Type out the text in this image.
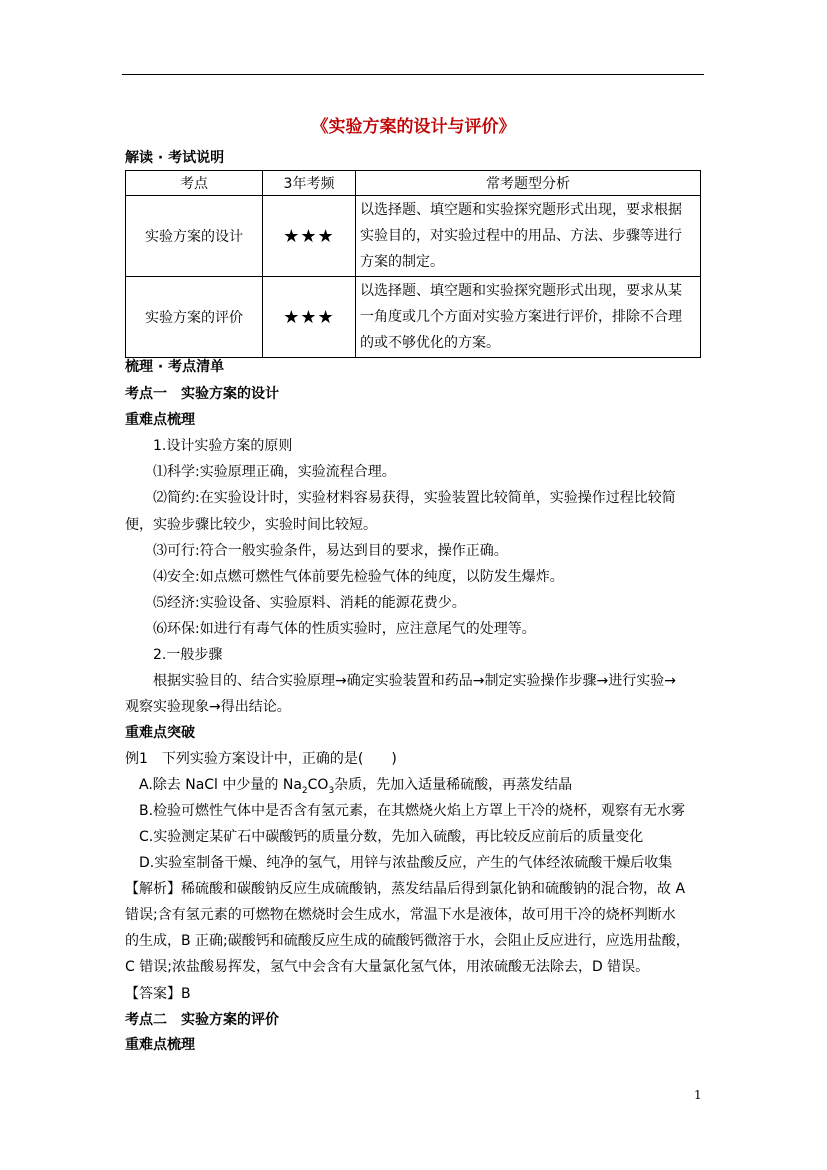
《实验方案的设计与评价》
解读 · 考试说明
考点	3年考频	常考题型分析
实验方案的设计	★★★	以选择题、填空题和实验探究题形式出现，要求根据
实验目的，对实验过程中的用品、方法、步骤等进行
方案的制定。

实验方案的评价	★★★	以选择题、填空题和实验探究题形式出现，要求从某
一角度或几个方面对实验方案进行评价，排除不合理
的或不够优化的方案。
梳理 · 考点清单
考点一　实验方案的设计
重难点梳理
1.设计实验方案的原则
⑴科学:实验原理正确，实验流程合理。
⑵简约:在实验设计时，实验材料容易获得，实验装置比较简单，实验操作过程比较简
便，实验步骤比较少，实验时间比较短。
⑶可行:符合一般实验条件，易达到目的要求，操作正确。
⑷安全:如点燃可燃性气体前要先检验气体的纯度，以防发生爆炸。
⑸经济:实验设备、实验原料、消耗的能源花费少。
⑹环保:如进行有毒气体的性质实验时，应注意尾气的处理等。
2.一般步骤
根据实验目的、结合实验原理→确定实验装置和药品→制定实验操作步骤→进行实验→
观察实验现象→得出结论。
重难点突破
例1　下列实验方案设计中，正确的是(　　)
A.除去 NaCl 中少量的 $Na_2CO_3$杂质，先加入适量稀硫酸，再蒸发结晶
B.检验可燃性气体中是否含有氢元素，在其燃烧火焰上方罩上干冷的烧杯，观察有无水雾
C.实验测定某矿石中碳酸钙的质量分数，先加入硫酸，再比较反应前后的质量变化
D.实验室制备干燥、纯净的氢气，用锌与浓盐酸反应，产生的气体经浓硫酸干燥后收集
【解析】稀硫酸和碳酸钠反应生成硫酸钠，蒸发结晶后得到氯化钠和硫酸钠的混合物，故 A
错误;含有氢元素的可燃物在燃烧时会生成水，常温下水是液体，故可用干冷的烧杯判断水
的生成，B 正确;碳酸钙和硫酸反应生成的硫酸钙微溶于水，会阻止反应进行，应选用盐酸，
C 错误;浓盐酸易挥发，氢气中会含有大量氯化氢气体，用浓硫酸无法除去，D 错误。
【答案】B
考点二　实验方案的评价
重难点梳理
1
